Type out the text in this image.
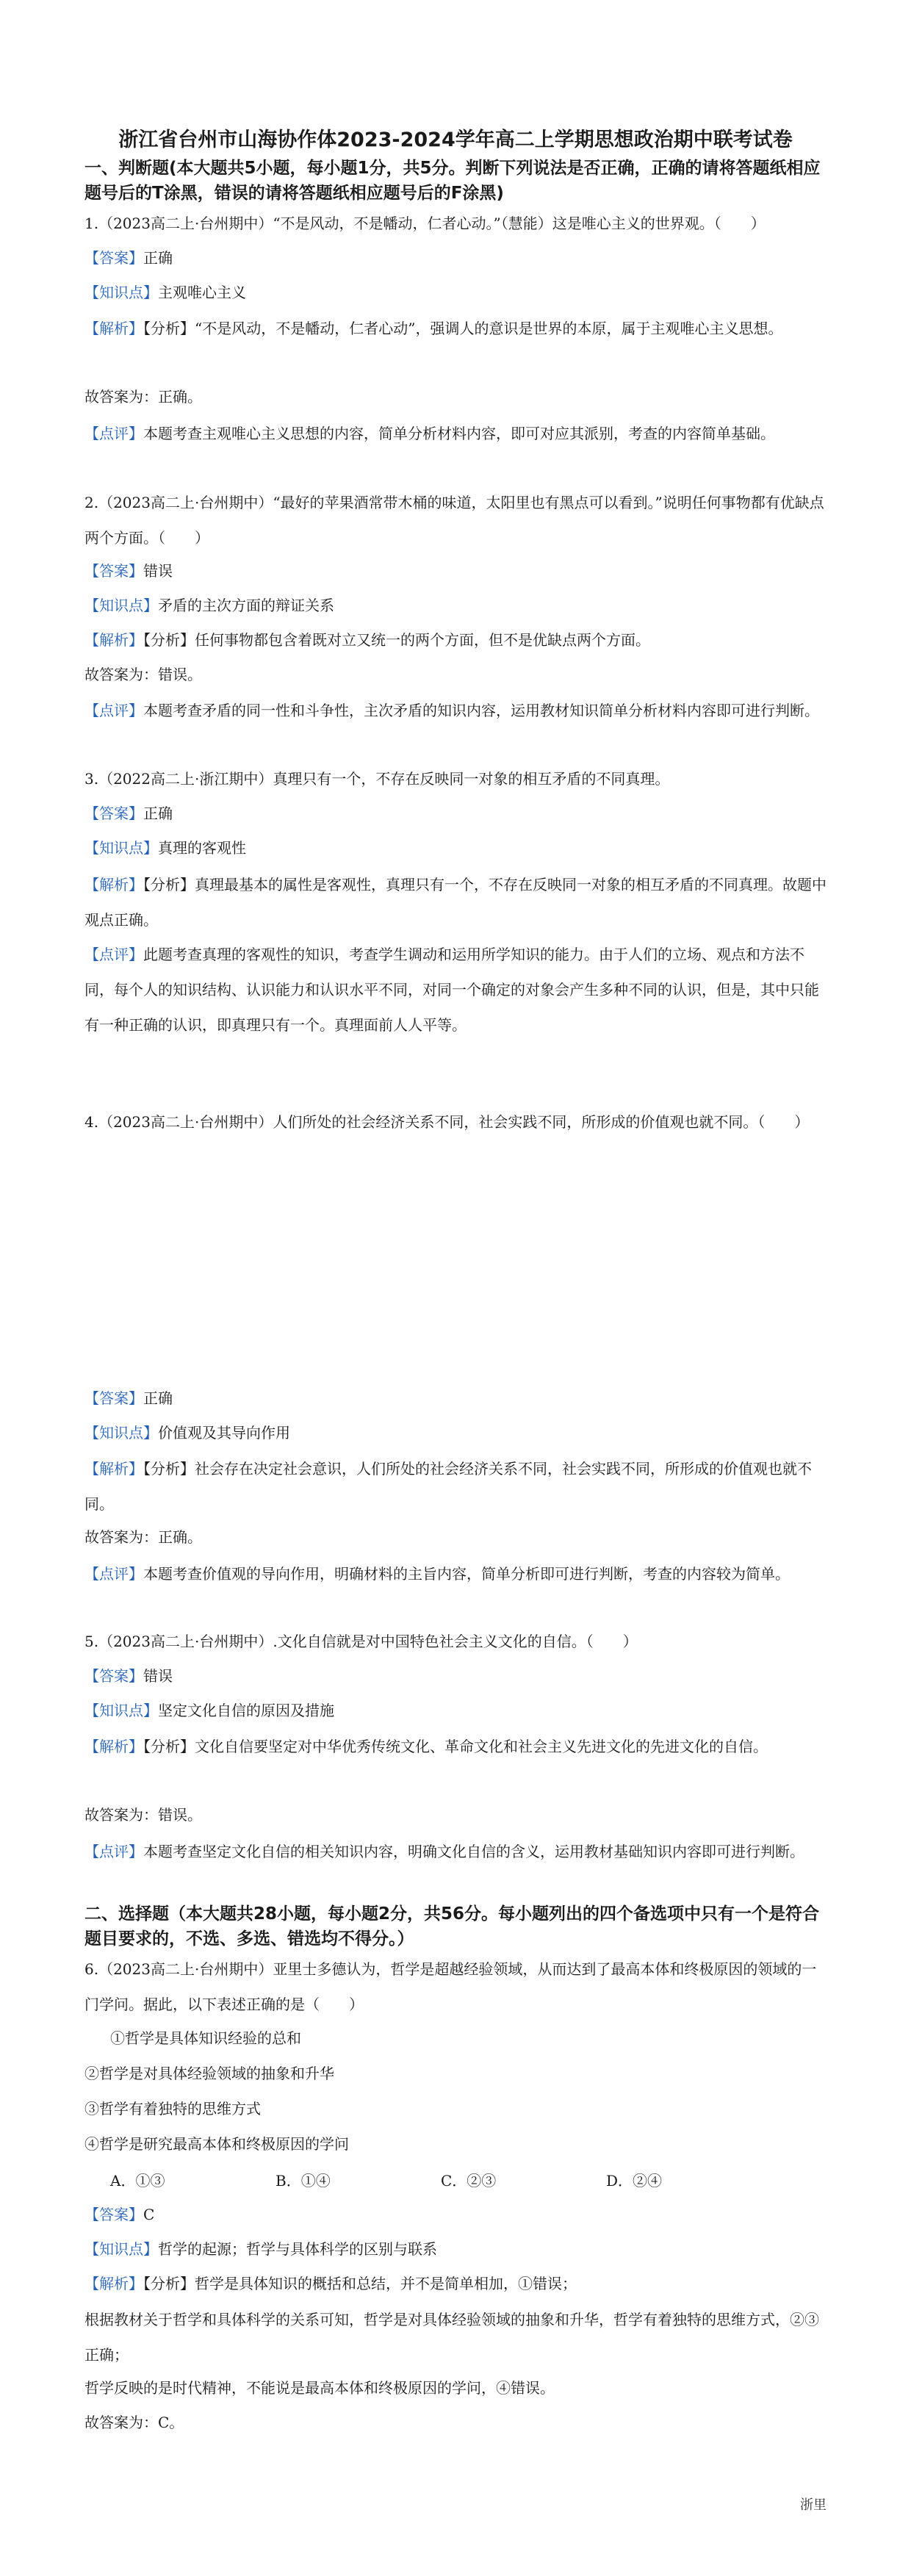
浙江省台州市山海协作体2023-2024学年高二上学期思想政治期中联考试卷
一、判断题(本大题共5小题，每小题1分，共5分。判断下列说法是否正确，正确的请将答题纸相应题号后的T涂黑，错误的请将答题纸相应题号后的F涂黑)
1.（2023高二上·台州期中）“不是风动，不是幡动，仁者心动。”（慧能）这是唯心主义的世界观。（　　）
【答案】正确
【知识点】主观唯心主义
【解析】【分析】“不是风动，不是幡动，仁者心动”，强调人的意识是世界的本原，属于主观唯心主义思想。
故答案为：正确。
【点评】本题考查主观唯心主义思想的内容，简单分析材料内容，即可对应其派别，考查的内容简单基础。
2.（2023高二上·台州期中）“最好的苹果酒常带木桶的味道，太阳里也有黑点可以看到。”说明任何事物都有优缺点两个方面。（　　）
【答案】错误
【知识点】矛盾的主次方面的辩证关系
【解析】【分析】任何事物都包含着既对立又统一的两个方面，但不是优缺点两个方面。
故答案为：错误。
【点评】本题考查矛盾的同一性和斗争性，主次矛盾的知识内容，运用教材知识简单分析材料内容即可进行判断。
3.（2022高二上·浙江期中）真理只有一个，不存在反映同一对象的相互矛盾的不同真理。
【答案】正确
【知识点】真理的客观性
【解析】【分析】真理最基本的属性是客观性，真理只有一个，不存在反映同一对象的相互矛盾的不同真理。故题中观点正确。
【点评】此题考查真理的客观性的知识，考查学生调动和运用所学知识的能力。由于人们的立场、观点和方法不同，每个人的知识结构、认识能力和认识水平不同，对同一个确定的对象会产生多种不同的认识，但是，其中只能有一种正确的认识，即真理只有一个。真理面前人人平等。
4.（2023高二上·台州期中）人们所处的社会经济关系不同，社会实践不同，所形成的价值观也就不同。（　　）
【答案】正确
【知识点】价值观及其导向作用
【解析】【分析】社会存在决定社会意识，人们所处的社会经济关系不同，社会实践不同，所形成的价值观也就不同。
故答案为：正确。
【点评】本题考查价值观的导向作用，明确材料的主旨内容，简单分析即可进行判断，考查的内容较为简单。
5.（2023高二上·台州期中）.文化自信就是对中国特色社会主义文化的自信。（　　）
【答案】错误
【知识点】坚定文化自信的原因及措施
【解析】【分析】文化自信要坚定对中华优秀传统文化、革命文化和社会主义先进文化的先进文化的自信。
故答案为：错误。
【点评】本题考查坚定文化自信的相关知识内容，明确文化自信的含义，运用教材基础知识内容即可进行判断。
二、选择题（本大题共28小题，每小题2分，共56分。每小题列出的四个备选项中只有一个是符合题目要求的，不选、多选、错选均不得分。）
6.（2023高二上·台州期中）亚里士多德认为，哲学是超越经验领域，从而达到了最高本体和终极原因的领域的一门学问。据此，以下表述正确的是（　　）
①哲学是具体知识经验的总和
②哲学是对具体经验领域的抽象和升华
③哲学有着独特的思维方式
④哲学是研究最高本体和终极原因的学问
A．①③	B．①④	C．②③	D．②④
【答案】C
【知识点】哲学的起源；哲学与具体科学的区别与联系
【解析】【分析】哲学是具体知识的概括和总结，并不是简单相加，①错误；
根据教材关于哲学和具体科学的关系可知，哲学是对具体经验领域的抽象和升华，哲学有着独特的思维方式，②③正确；
哲学反映的是时代精神，不能说是最高本体和终极原因的学问，④错误。
故答案为：C。
浙里
